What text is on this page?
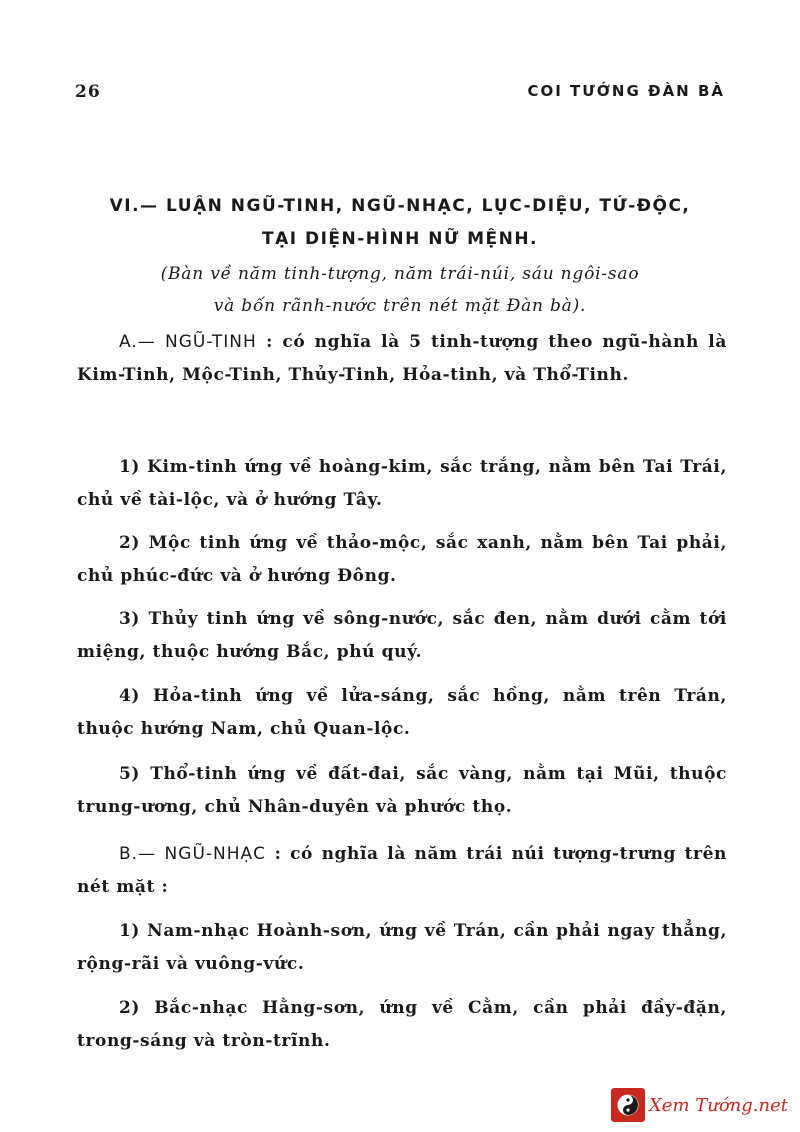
26	COI TƯỚNG ĐÀN BÀ
VI.— LUẬN NGŨ-TINH, NGŨ-NHẠC, LỤC-DIỆU, TỨ-ĐỘC,
TẠI DIỆN-HÌNH NỮ MỆNH.
(Bàn về năm tinh-tượng, năm trái-núi, sáu ngôi-sao
và bốn rãnh-nước trên nét mặt Đàn bà).

A.— NGŨ-TINH : có nghĩa là 5 tinh-tượng theo ngũ-hành là Kim-Tinh, Mộc-Tinh, Thủy-Tinh, Hỏa-tinh, và Thổ-Tinh.

1) Kim-tinh ứng về hoàng-kim, sắc trắng, nằm bên Tai Trái, chủ về tài-lộc, và ở hướng Tây.

2) Mộc tinh ứng về thảo-mộc, sắc xanh, nằm bên Tai phải, chủ phúc-đức và ở hướng Đông.

3) Thủy tinh ứng về sông-nước, sắc đen, nằm dưới cằm tới miệng, thuộc hướng Bắc, phú quý.

4) Hỏa-tinh ứng về lửa-sáng, sắc hồng, nằm trên Trán, thuộc hướng Nam, chủ Quan-lộc.

5) Thổ-tinh ứng về đất-đai, sắc vàng, nằm tại Mũi, thuộc trung-ương, chủ Nhân-duyên và phước thọ.

B.— NGŨ-NHẠC : có nghĩa là năm trái núi tượng-trưng trên nét mặt :

1) Nam-nhạc Hoành-sơn, ứng về Trán, cần phải ngay thẳng, rộng-rãi và vuông-vức.

2) Bắc-nhạc Hằng-sơn, ứng về Cằm, cần phải đầy-đặn, trong-sáng và tròn-trĩnh.

Xem Tướng.net
